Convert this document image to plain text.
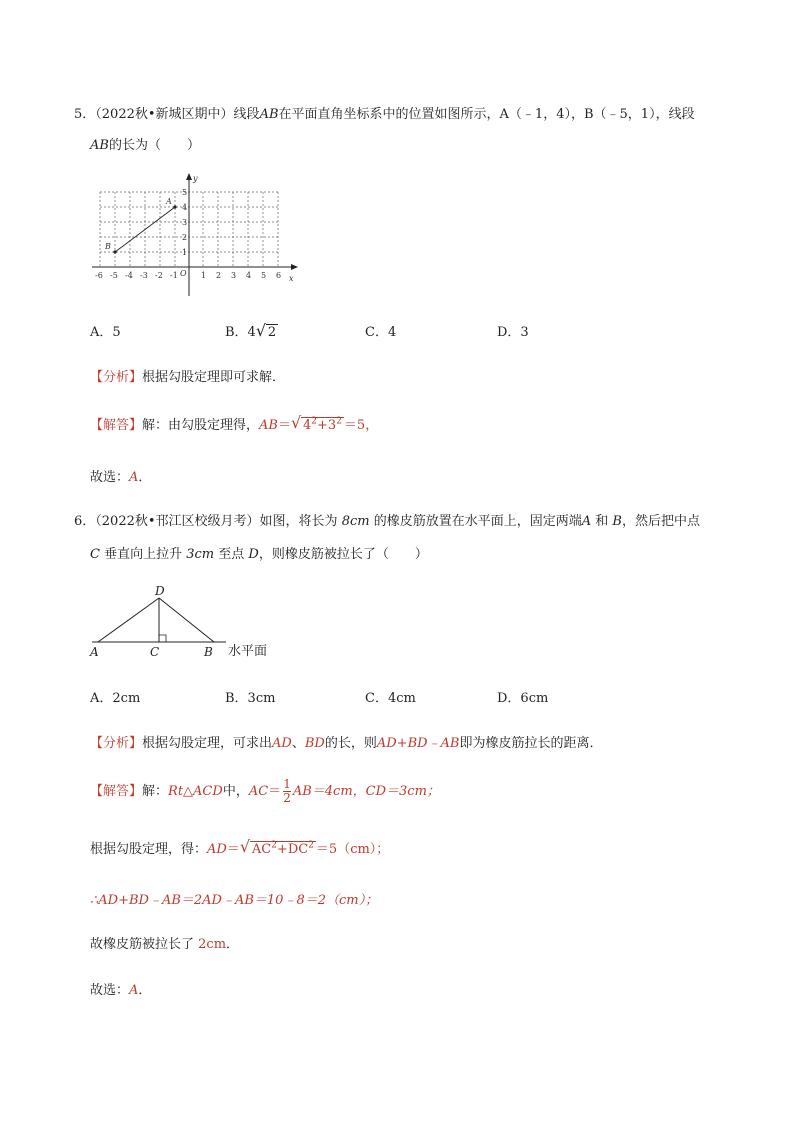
5．（2022秋•新城区期中）线段AB在平面直角坐标系中的位置如图所示，A（﹣1，4），B（﹣5，1），线段
AB的长为（　　）
y
x
O
A
B
1
2
3
4
5
-6 -5 -4 -3 -2 -1	1 2 3 4 5 6
A．5	B．4 √ 2	C．4	D．3
【分析】根据勾股定理即可求解．
【解答】解：由勾股定理得，AB＝ √ $4^2+3^2 =5$，
故选：A．
6．（2022秋•邗江区校级月考）如图，将长为 8cm 的橡皮筋放置在水平面上，固定两端A 和 B，然后把中点
C 垂直向上拉升 3cm 至点 D，则橡皮筋被拉长了（　　）
D
A	C	B 水平面
A．2cm	B．3cm	C．4cm	D．6cm
【分析】根据勾股定理，可求出AD、BD的长，则AD+BD﹣AB即为橡皮筋拉长的距离．
【解答】解：Rt△ACD中，$AC= \frac{1}{2} AB=4cm$，CD＝3cm；
根据勾股定理，得：AD＝ √ $AC^2+DC^2 =5(cm)$；
∴AD+BD﹣AB＝2AD﹣AB＝10﹣8＝2（cm）；
故橡皮筋被拉长了 2cm．
故选：A．
